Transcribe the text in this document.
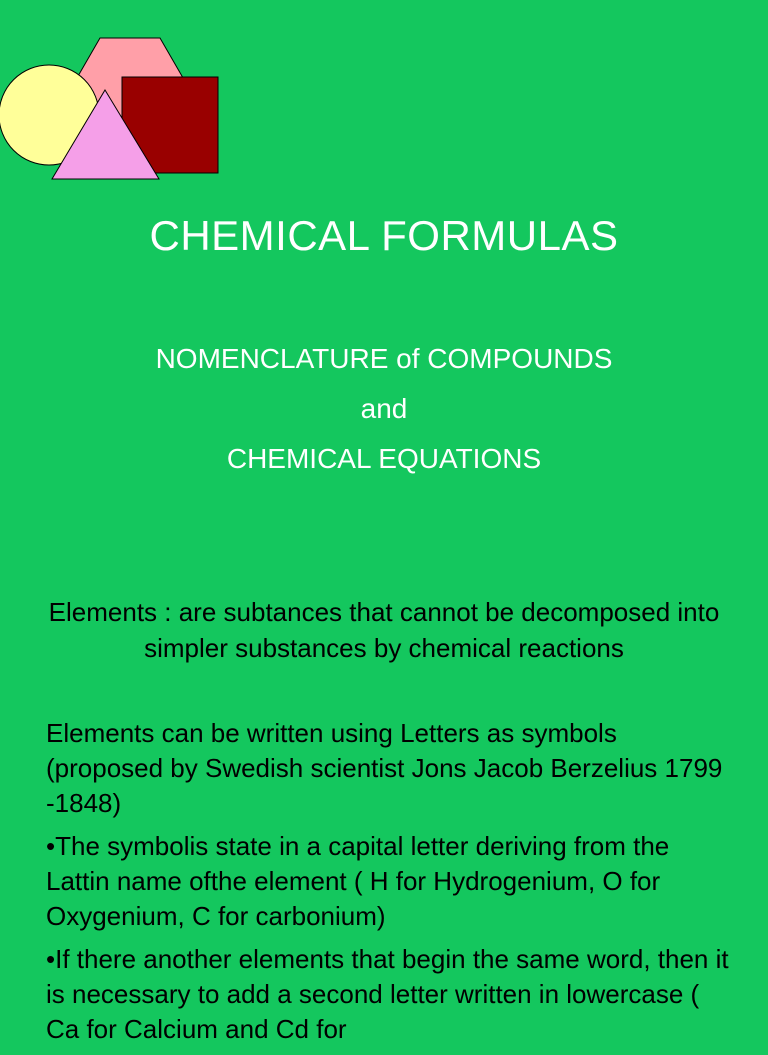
CHEMICAL FORMULAS
NOMENCLATURE of COMPOUNDS
and
CHEMICAL EQUATIONS
Elements : are subtances that cannot be decomposed into simpler substances by chemical reactions

Elements can be written using Letters as symbols (proposed by Swedish scientist Jons Jacob Berzelius 1799 -1848)

•The symbolis state in a capital letter deriving from the Lattin name ofthe element ( H for Hydrogenium, O for Oxygenium, C for carbonium)

•If there another elements that begin the same word, then it is necessary to add a second letter written in lowercase ( Ca for Calcium and Cd for
